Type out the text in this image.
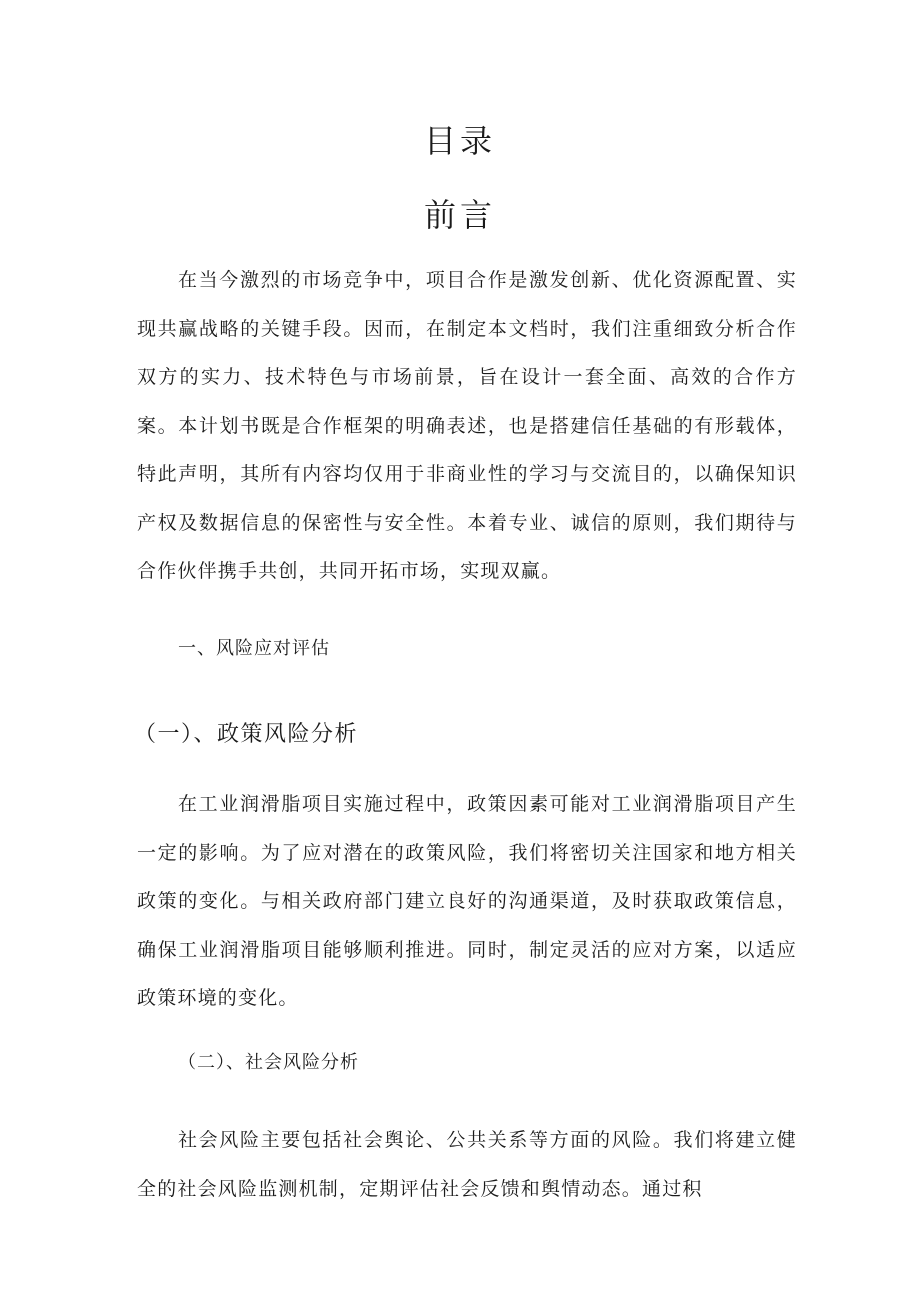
目录
前言

在当今激烈的市场竞争中，项目合作是激发创新、优化资源配置、实现共赢战略的关键手段。因而，在制定本文档时，我们注重细致分析合作双方的实力、技术特色与市场前景，旨在设计一套全面、高效的合作方案。本计划书既是合作框架的明确表述，也是搭建信任基础的有形载体，特此声明，其所有内容均仅用于非商业性的学习与交流目的，以确保知识产权及数据信息的保密性与安全性。本着专业、诚信的原则，我们期待与合作伙伴携手共创，共同开拓市场，实现双赢。

一、风险应对评估
（一）、政策风险分析

在工业润滑脂项目实施过程中，政策因素可能对工业润滑脂项目产生一定的影响。为了应对潜在的政策风险，我们将密切关注国家和地方相关政策的变化。与相关政府部门建立良好的沟通渠道，及时获取政策信息，确保工业润滑脂项目能够顺利推进。同时，制定灵活的应对方案，以适应政策环境的变化。

（二）、社会风险分析

社会风险主要包括社会舆论、公共关系等方面的风险。我们将建立健全的社会风险监测机制，定期评估社会反馈和舆情动态。通过积
